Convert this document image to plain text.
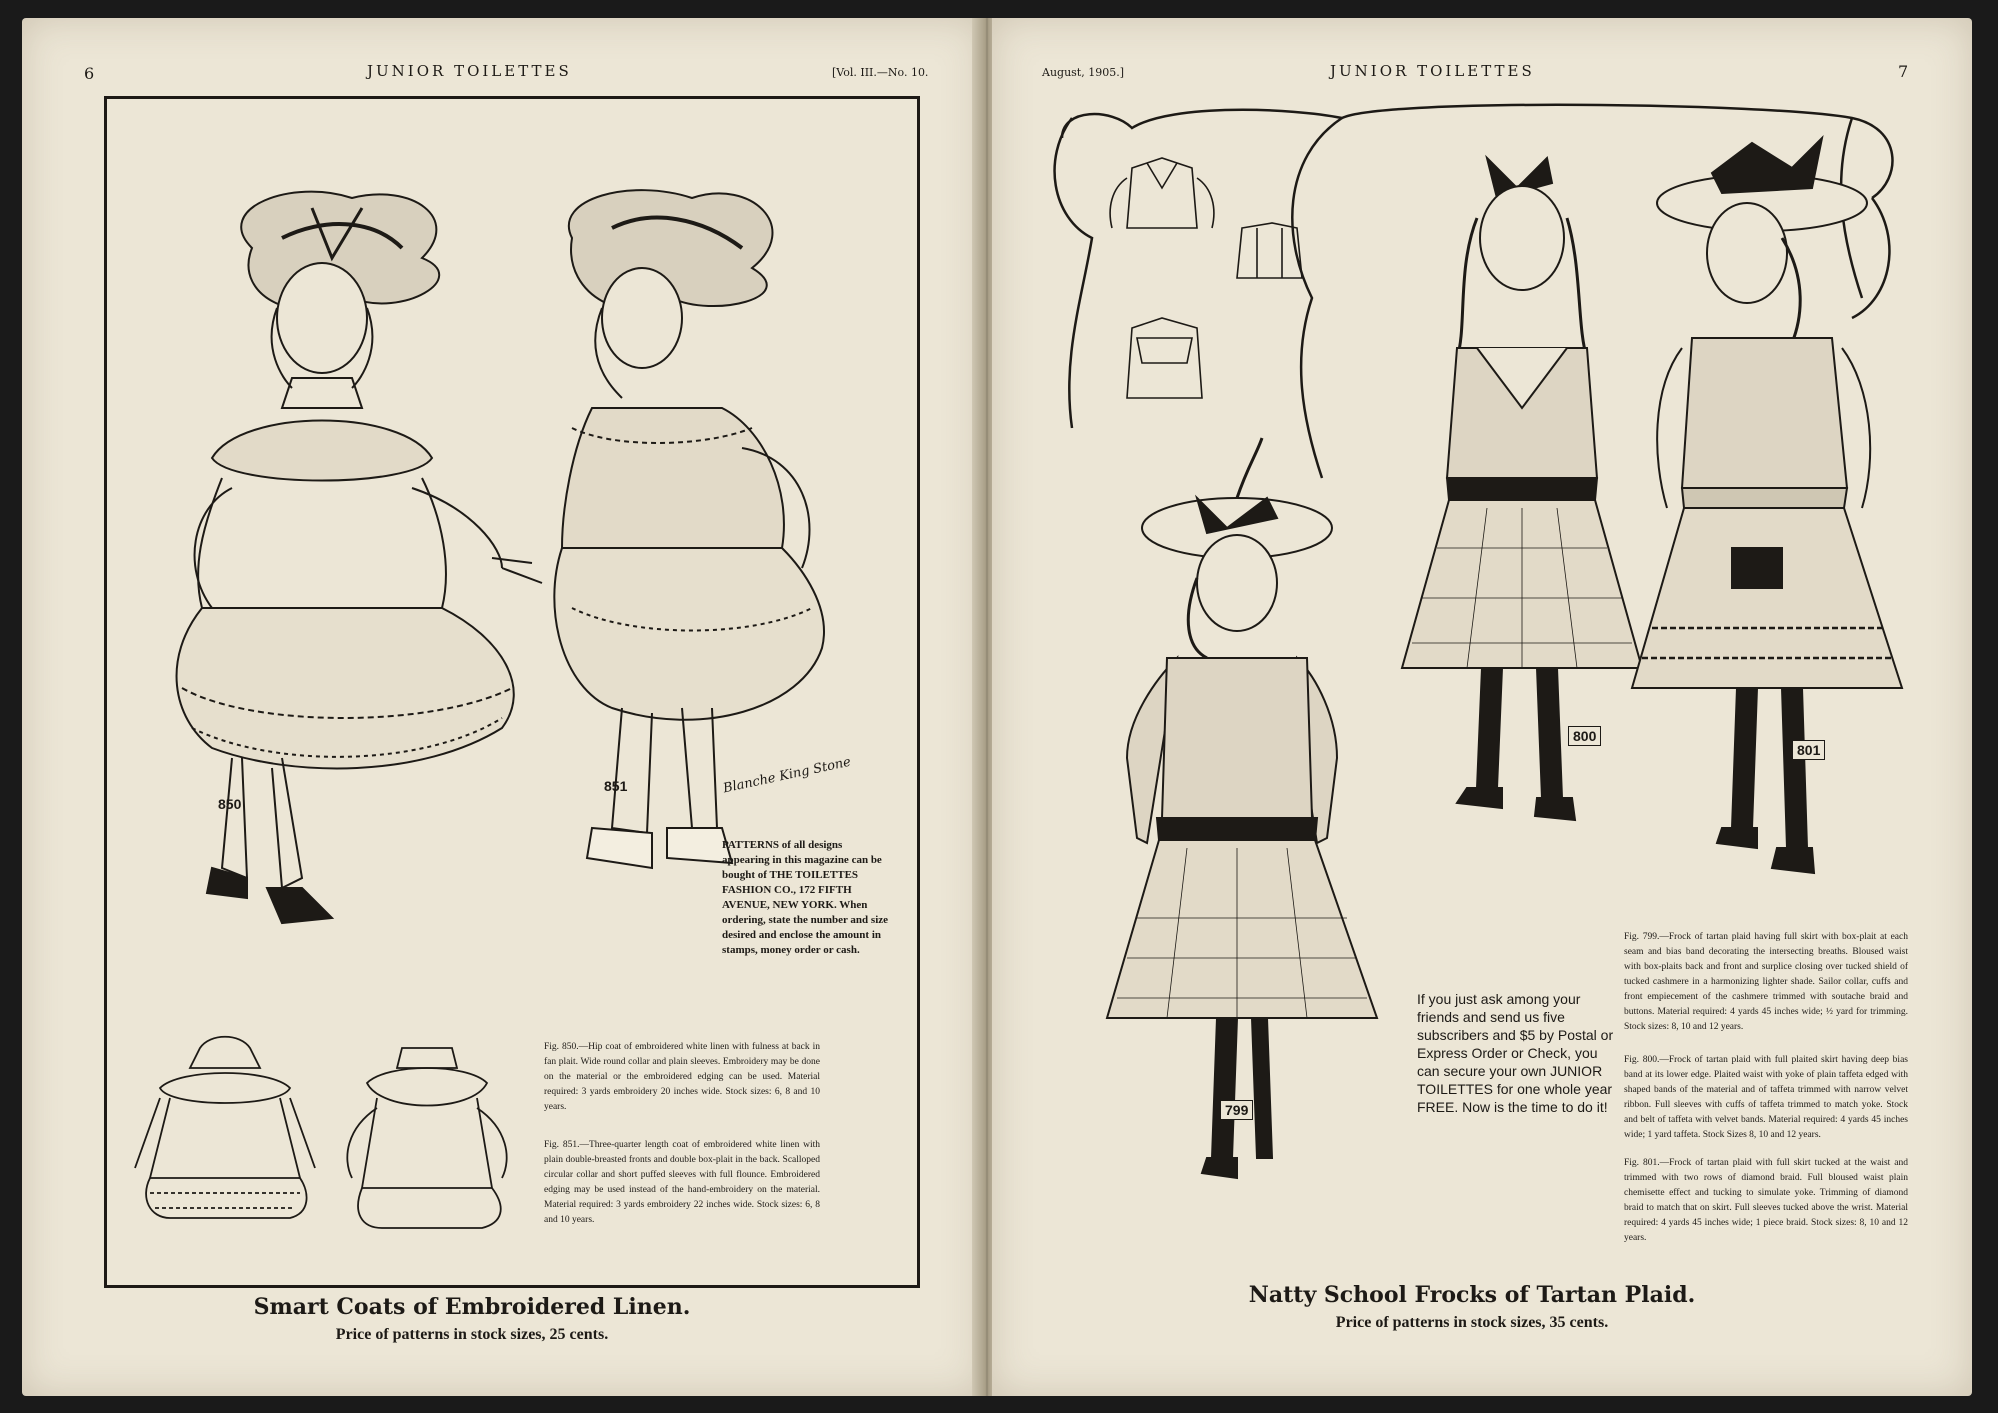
6	JUNIOR TOILETTES	[Vol. III.—No. 10.
850
851	Blanche King Stone
PATTERNS of all designs appearing in this magazine can be bought of THE TOILETTES FASHION CO., 172 FIFTH AVENUE, NEW YORK. When ordering, state the number and size desired and enclose the amount in stamps, money order or cash.
Fig. 850.—Hip coat of embroidered white linen with fulness at back in fan plait. Wide round collar and plain sleeves. Embroidery may be done on the material or the embroidered edging can be used. Material required: 3 yards embroidery 20 inches wide. Stock sizes: 6, 8 and 10 years.
Fig. 851.—Three-quarter length coat of embroidered white linen with plain double-breasted fronts and double box-plait in the back. Scalloped circular collar and short puffed sleeves with full flounce. Embroidered edging may be used instead of the hand-embroidery on the material. Material required: 3 yards embroidery 22 inches wide. Stock sizes: 6, 8 and 10 years.
Smart Coats of Embroidered Linen.
Price of patterns in stock sizes, 25 cents.
August, 1905.]	JUNIOR TOILETTES	7
799
800
801
If you just ask among your friends and send us five subscribers and $5 by Postal or Express Order or Check, you can secure your own JUNIOR TOILETTES for one whole year FREE. Now is the time to do it!
Fig. 799.—Frock of tartan plaid having full skirt with box-plait at each seam and bias band decorating the intersecting breaths. Bloused waist with box-plaits back and front and surplice closing over tucked shield of tucked cashmere in a harmonizing lighter shade. Sailor collar, cuffs and front empiecement of the cashmere trimmed with soutache braid and buttons. Material required: 4 yards 45 inches wide; ½ yard for trimming. Stock sizes: 8, 10 and 12 years.
Fig. 800.—Frock of tartan plaid with full plaited skirt having deep bias band at its lower edge. Plaited waist with yoke of plain taffeta edged with shaped bands of the material and of taffeta trimmed with narrow velvet ribbon. Full sleeves with cuffs of taffeta trimmed to match yoke. Stock and belt of taffeta with velvet bands. Material required: 4 yards 45 inches wide; 1 yard taffeta. Stock Sizes 8, 10 and 12 years.
Fig. 801.—Frock of tartan plaid with full skirt tucked at the waist and trimmed with two rows of diamond braid. Full bloused waist plain chemisette effect and tucking to simulate yoke. Trimming of diamond braid to match that on skirt. Full sleeves tucked above the wrist. Material required: 4 yards 45 inches wide; 1 piece braid. Stock sizes: 8, 10 and 12 years.
Natty School Frocks of Tartan Plaid.
Price of patterns in stock sizes, 35 cents.
